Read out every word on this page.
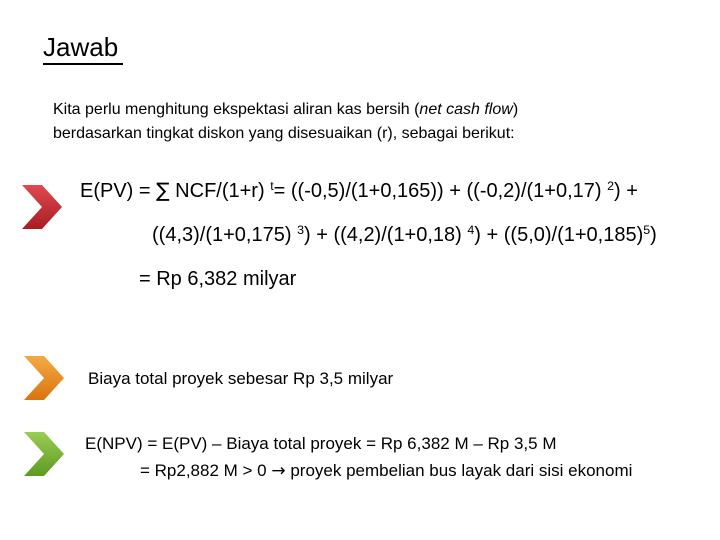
Jawab
Kita perlu menghitung ekspektasi aliran kas bersih (net cash flow)
berdasarkan tingkat diskon yang disesuaikan (r), sebagai berikut:
E(PV) = ∑ NCF/(1+r) $^t$= ((-0,5)/(1+0,165)) + ((-0,2)/(1+0,17) $^2$) +
((4,3)/(1+0,175) $^3$) + ((4,2)/(1+0,18) $^4) + ((5,0)/(1+0,185)^5)$
= Rp 6,382 milyar
Biaya total proyek sebesar Rp 3,5 milyar
E(NPV) = E(PV) – Biaya total proyek = Rp 6,382 M – Rp 3,5 M
= Rp2,882 M > 0 → proyek pembelian bus layak dari sisi ekonomi
